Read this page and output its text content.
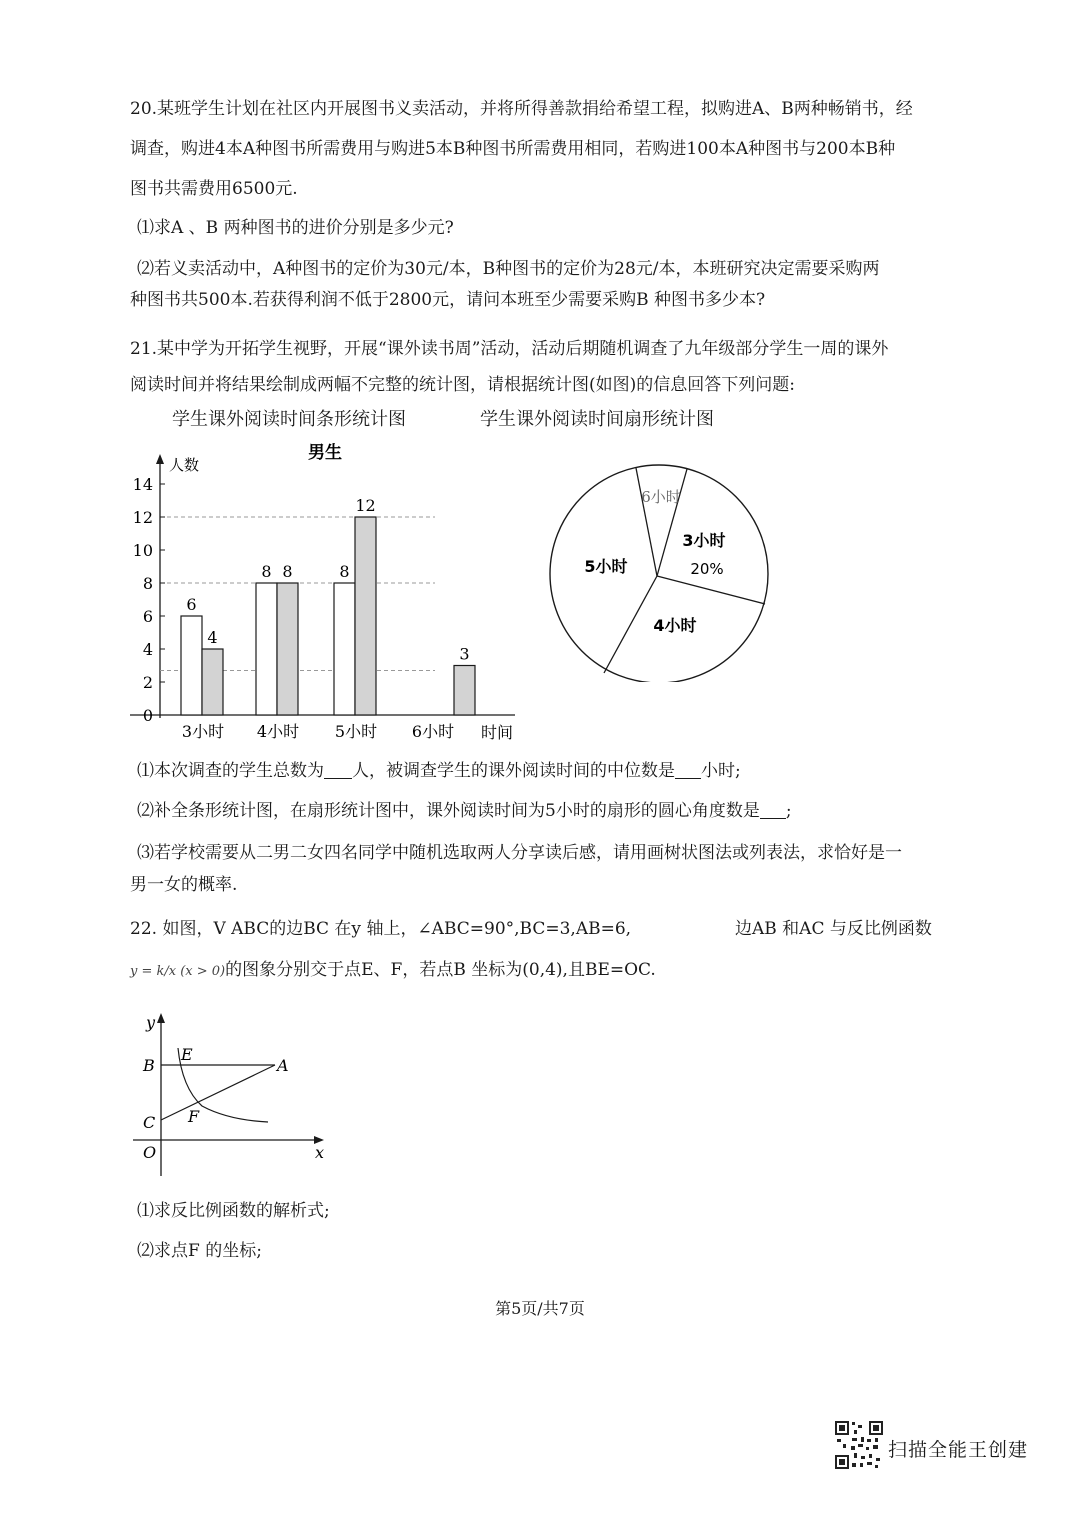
20.某班学生计划在社区内开展图书义卖活动，并将所得善款捐给希望工程，拟购进A、B两种畅销书，经
调查，购进4本A种图书所需费用与购进5本B种图书所需费用相同，若购进100本A种图书与200本B种
图书共需费用6500元.
⑴求A 、B 两种图书的进价分别是多少元?
⑵若义卖活动中，A种图书的定价为30元/本，B种图书的定价为28元/本，本班研究决定需要采购两
种图书共500本.若获得利润不低于2800元，请问本班至少需要采购B 种图书多少本?
21.某中学为开拓学生视野，开展“课外读书周”活动，活动后期随机调查了九年级部分学生一周的课外
阅读时间并将结果绘制成两幅不完整的统计图，请根据统计图(如图)的信息回答下列问题:
学生课外阅读时间条形统计图	学生课外阅读时间扇形统计图
男生
人数
时间
0
2
4
6
8
10
12
14
6
4
8 8	8
12
3
3小时 4小时 5小时 6小时
6小时
3小时
20%
4小时
5小时
⑴本次调查的学生总数为 人，被调查学生的课外阅读时间的中位数是 小时;
⑵补全条形统计图，在扇形统计图中，课外阅读时间为5小时的扇形的圆心角度数是 ;
⑶若学校需要从二男二女四名同学中随机选取两人分享读后感，请用画树状图法或列表法，求恰好是一
男一女的概率.
22. 如图，V ABC的边BC 在y 轴上，∠ABC=90°,BC=3,AB=6,	边AB 和AC 与反比例函数
y = k/x (x > 0)的图象分别交于点E、F，若点B 坐标为(0,4),且BE=OC.
y
B
E
A
C F
O	x
⑴求反比例函数的解析式;
⑵求点F 的坐标;
第5页/共7页
扫描全能王创建
